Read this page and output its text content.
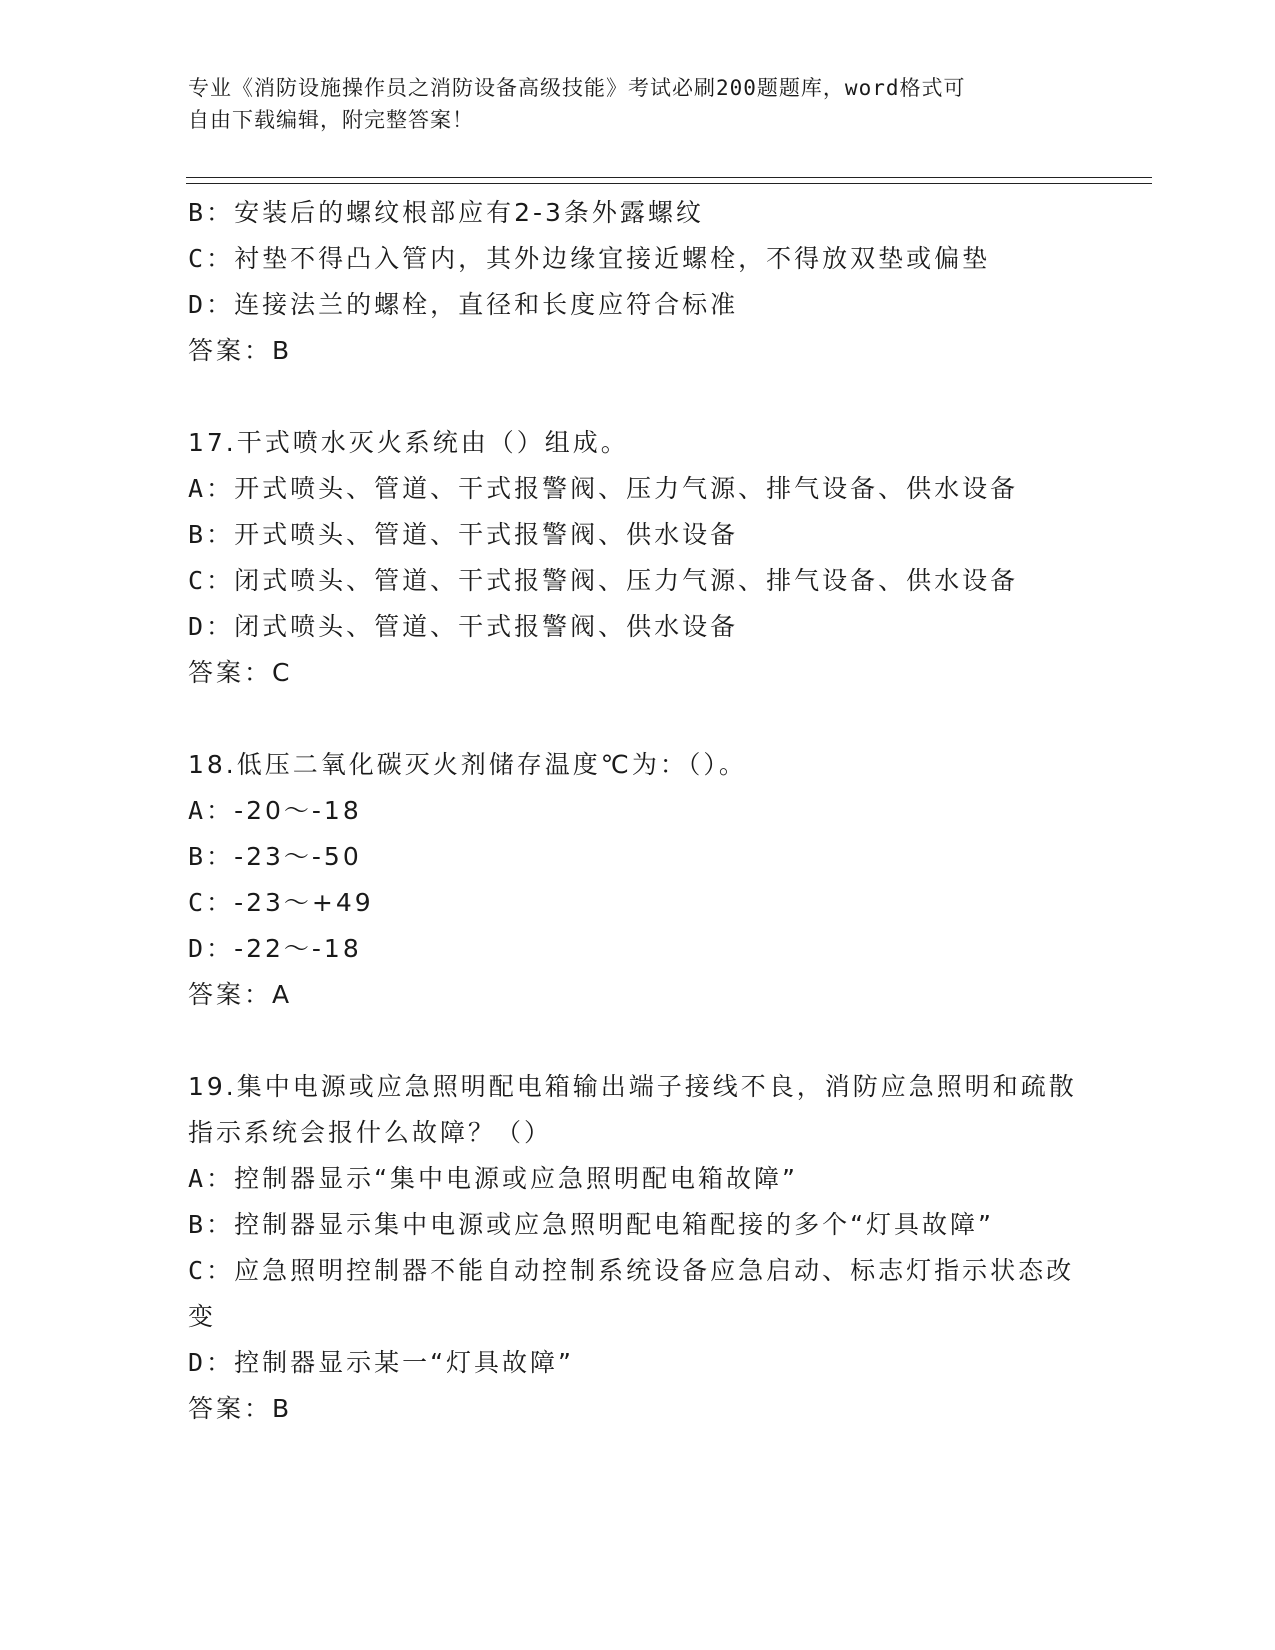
专业《消防设施操作员之消防设备高级技能》考试必刷200题题库，word格式可
自由下载编辑，附完整答案！
B：安装后的螺纹根部应有2-3条外露螺纹
C：衬垫不得凸入管内，其外边缘宜接近螺栓，不得放双垫或偏垫
D：连接法兰的螺栓，直径和长度应符合标准
答案：B
17.干式喷水灭火系统由（）组成。
A：开式喷头、管道、干式报警阀、压力气源、排气设备、供水设备
B：开式喷头、管道、干式报警阀、供水设备
C：闭式喷头、管道、干式报警阀、压力气源、排气设备、供水设备
D：闭式喷头、管道、干式报警阀、供水设备
答案：C
18.低压二氧化碳灭火剂储存温度℃为：（）。
A：-20～-18
B：-23～-50
C：-23～+49
D：-22～-18
答案：A
19.集中电源或应急照明配电箱输出端子接线不良，消防应急照明和疏散指示系统会报什么故障？（）
A：控制器显示“集中电源或应急照明配电箱故障”
B：控制器显示集中电源或应急照明配电箱配接的多个“灯具故障”
C：应急照明控制器不能自动控制系统设备应急启动、标志灯指示状态改变
D：控制器显示某一“灯具故障”
答案：B
